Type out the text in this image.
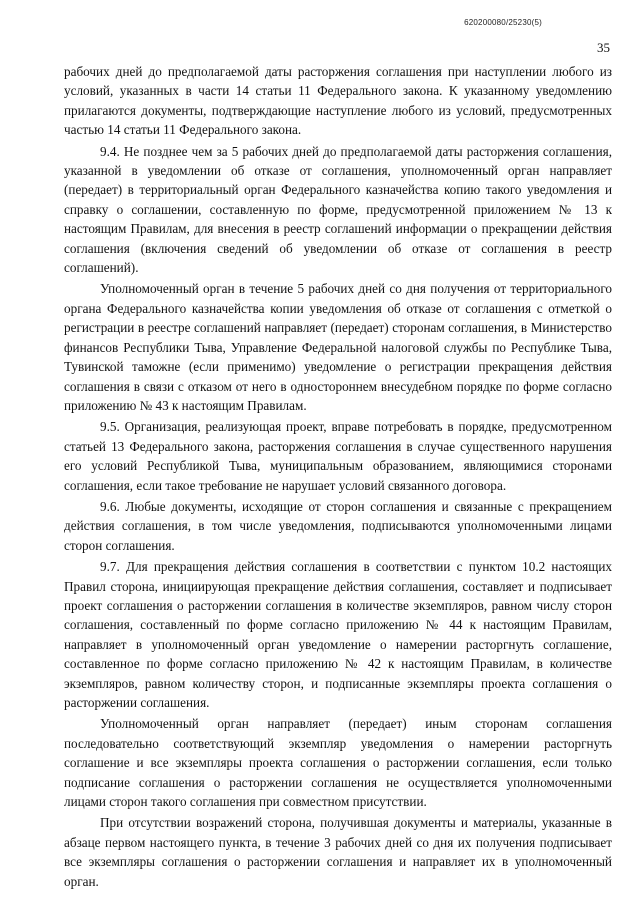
620200080/25230(5)
35

рабочих дней до предполагаемой даты расторжения соглашения при наступлении любого из условий, указанных в части 14 статьи 11 Федерального закона. К указанному уведомлению прилагаются документы, подтверждающие наступление любого из условий, предусмотренных частью 14 статьи 11 Федерального закона.

9.4. Не позднее чем за 5 рабочих дней до предполагаемой даты расторжения соглашения, указанной в уведомлении об отказе от соглашения, уполномоченный орган направляет (передает) в территориальный орган Федерального казначейства копию такого уведомления и справку о соглашении, составленную по форме, предусмотренной приложением № 13 к настоящим Правилам, для внесения в реестр соглашений информации о прекращении действия соглашения (включения сведений об уведомлении об отказе от соглашения в реестр соглашений).

Уполномоченный орган в течение 5 рабочих дней со дня получения от территориального органа Федерального казначейства копии уведомления об отказе от соглашения с отметкой о регистрации в реестре соглашений направляет (передает) сторонам соглашения, в Министерство финансов Республики Тыва, Управление Федеральной налоговой службы по Республике Тыва, Тувинской таможне (если применимо) уведомление о регистрации прекращения действия соглашения в связи с отказом от него в одностороннем внесудебном порядке по форме согласно приложению № 43 к настоящим Правилам.

9.5. Организация, реализующая проект, вправе потребовать в порядке, предусмотренном статьей 13 Федерального закона, расторжения соглашения в случае существенного нарушения его условий Республикой Тыва, муниципальным образованием, являющимися сторонами соглашения, если такое требование не нарушает условий связанного договора.

9.6. Любые документы, исходящие от сторон соглашения и связанные с прекращением действия соглашения, в том числе уведомления, подписываются уполномоченными лицами сторон соглашения.

9.7. Для прекращения действия соглашения в соответствии с пунктом 10.2 настоящих Правил сторона, инициирующая прекращение действия соглашения, составляет и подписывает проект соглашения о расторжении соглашения в количестве экземпляров, равном числу сторон соглашения, составленный по форме согласно приложению № 44 к настоящим Правилам, направляет в уполномоченный орган уведомление о намерении расторгнуть соглашение, составленное по форме согласно приложению № 42 к настоящим Правилам, в количестве экземпляров, равном количеству сторон, и подписанные экземпляры проекта соглашения о расторжении соглашения.

Уполномоченный орган направляет (передает) иным сторонам соглашения последовательно соответствующий экземпляр уведомления о намерении расторгнуть соглашение и все экземпляры проекта соглашения о расторжении соглашения, если только подписание соглашения о расторжении соглашения не осуществляется уполномоченными лицами сторон такого соглашения при совместном присутствии.

При отсутствии возражений сторона, получившая документы и материалы, указанные в абзаце первом настоящего пункта, в течение 3 рабочих дней со дня их получения подписывает все экземпляры соглашения о расторжении соглашения и направляет их в уполномоченный орган.
